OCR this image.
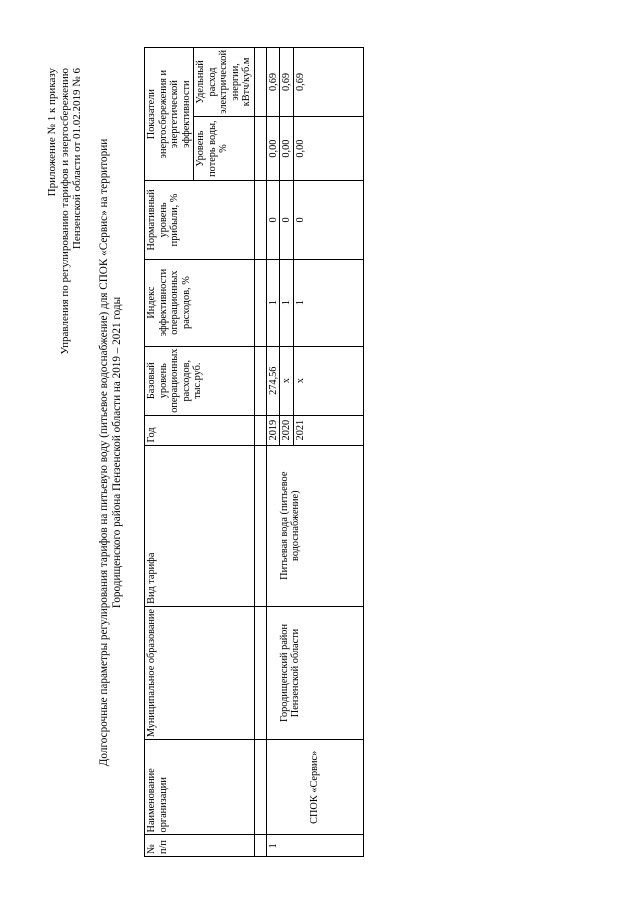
Приложение № 1 к приказу Управления по регулированию тарифов и энергосбережению Пензенской области от 01.02.2019 № 6 Долгосрочные параметры регулирования тарифов на питьевую воду (питьевое водоснабжение) для СПОК «Сервис» на территории Городищенского района Пензенской области на 2019 – 2021 годы
№ п/п	Наименование организации	Муниципальное образование	Вид тарифа	Год	Базовый уровень операционных расходов, тыс.руб.	Индекс эффективности операционных расходов, %	Нормативный уровень прибыли, %	Показатели энергосбережения и энергетической эффективности	
								Уровень потерь воды, %	Удельный расход электрической энергии, кВтч/куб.м

1	СПОК «Сервис»	Городищенский район Пензенской области	Питьевая вода (питьевое водоснабжение)	2019	274,56	1	0	0,00	0,69
				2020	x	1	0	0,00	0,69
				2021	x	1	0	0,00	0,69
